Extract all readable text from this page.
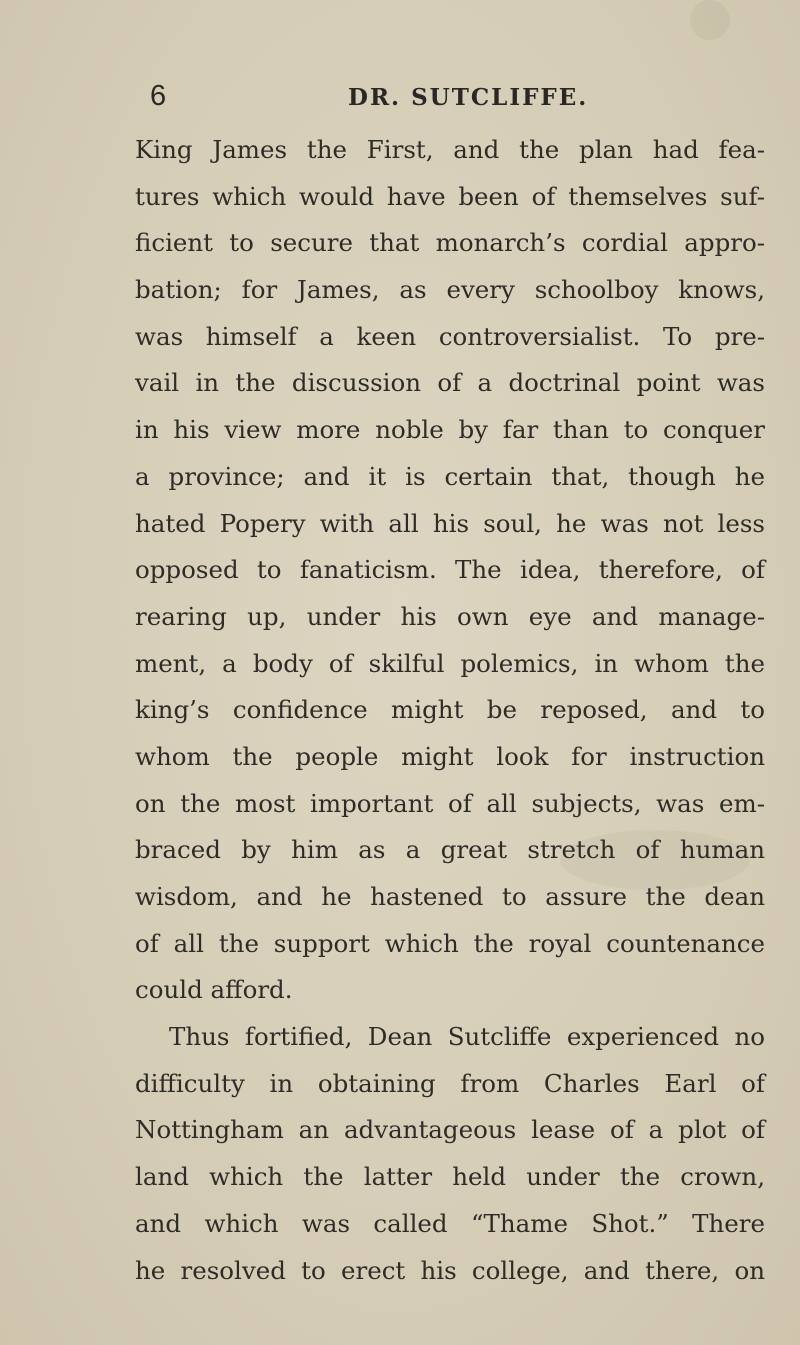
6	DR. SUTCLIFFE.
King James the First, and the plan had fea-
tures which would have been of themselves suf-
ficient to secure that monarch’s cordial appro-
bation; for James, as every schoolboy knows,
was himself a keen controversialist. To pre-
vail in the discussion of a doctrinal point was
in his view more noble by far than to conquer
a province; and it is certain that, though he
hated Popery with all his soul, he was not less
opposed to fanaticism. The idea, therefore, of
rearing up, under his own eye and manage-
ment, a body of skilful polemics, in whom the
king’s confidence might be reposed, and to
whom the people might look for instruction
on the most important of all subjects, was em-
braced by him as a great stretch of human
wisdom, and he hastened to assure the dean
of all the support which the royal countenance
could afford.
Thus fortified, Dean Sutcliffe experienced no
difficulty in obtaining from Charles Earl of
Nottingham an advantageous lease of a plot of
land which the latter held under the crown,
and which was called “Thame Shot.” There
he resolved to erect his college, and there, on
